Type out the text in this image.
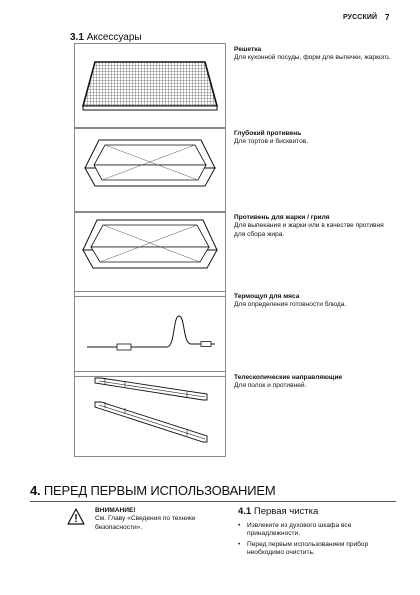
РУССКИЙ 7
3.1 Аксессуары
Решетка
Для кухонной посуды, форм для выпечки, жаркого.
Глубокий противень
Для тортов и бисквитов.
Противень для жарки / гриля
Для выпекания и жарки или в качестве противня для сбора жира.
Термощуп для мяса
Для определения готовности блюда.
Телескопические направляющие
Для полок и противней.
4. ПЕРЕД ПЕРВЫМ ИСПОЛЬЗОВАНИЕМ
ВНИМАНИЕ!
См. Главу «Сведения по технике безопасности».
4.1 Первая чистка
• Извлеките из духового шкафа все принадлежности.
• Перед первым использованием прибор необходимо очистить.
